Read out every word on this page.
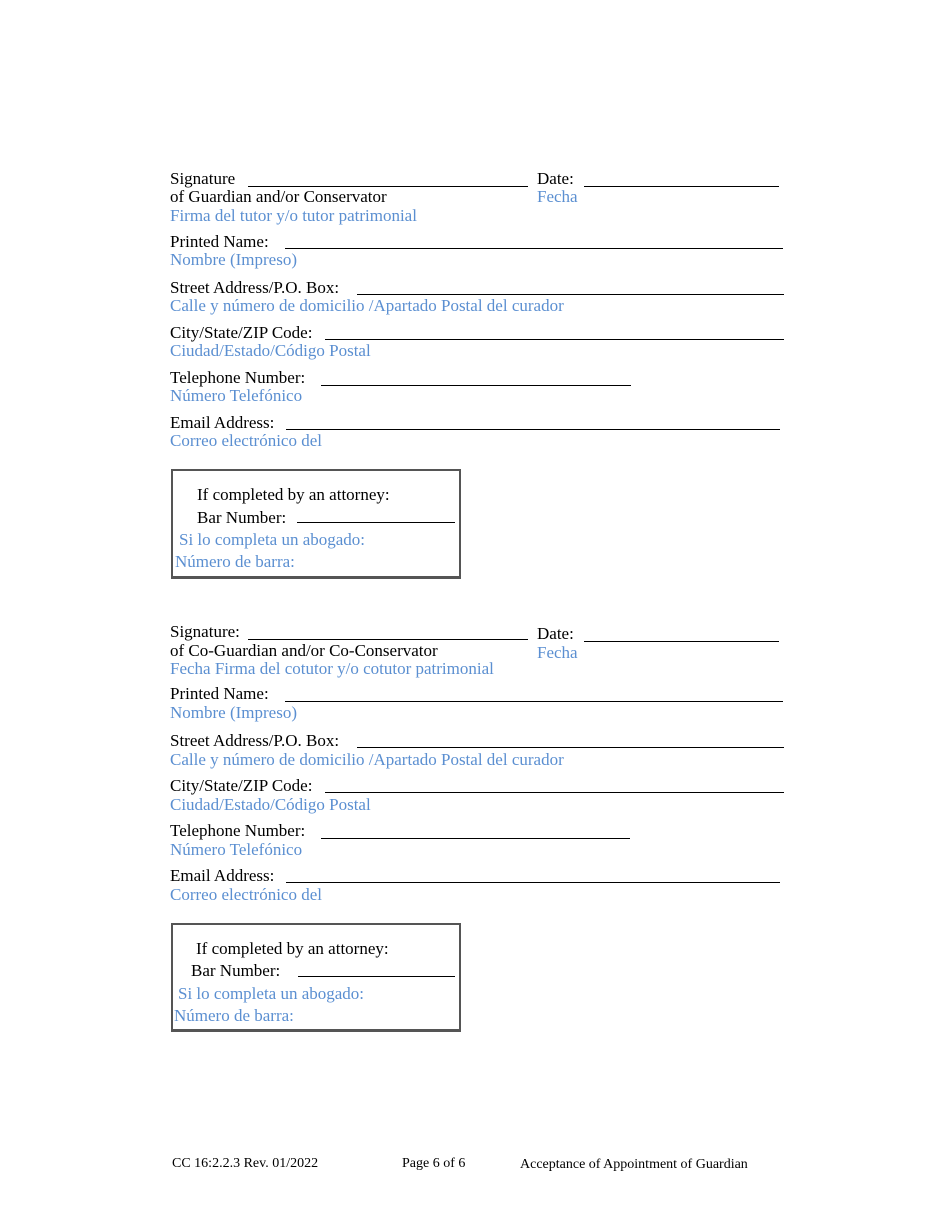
Signature
of Guardian and/or Conservator
Firma del tutor y/o tutor patrimonial
Date:
Fecha
Printed Name:
Nombre (Impreso)
Street Address/P.O. Box:
Calle y número de domicilio /Apartado Postal del curador
City/State/ZIP Code:
Ciudad/Estado/Código Postal
Telephone Number:
Número Telefónico
Email Address:
Correo electrónico del
If completed by an attorney:
Bar Number:
Si lo completa un abogado:
Número de barra:
Signature:
of Co-Guardian and/or Co-Conservator
Fecha Firma del cotutor y/o cotutor patrimonial
Date:
Fecha
Printed Name:
Nombre (Impreso)
Street Address/P.O. Box:
Calle y número de domicilio /Apartado Postal del curador
City/State/ZIP Code:
Ciudad/Estado/Código Postal
Telephone Number:
Número Telefónico
Email Address:
Correo electrónico del
If completed by an attorney:
Bar Number:
Si lo completa un abogado:
Número de barra:
CC 16:2.2.3 Rev. 01/2022	Page 6 of 6	Acceptance of Appointment of Guardian
